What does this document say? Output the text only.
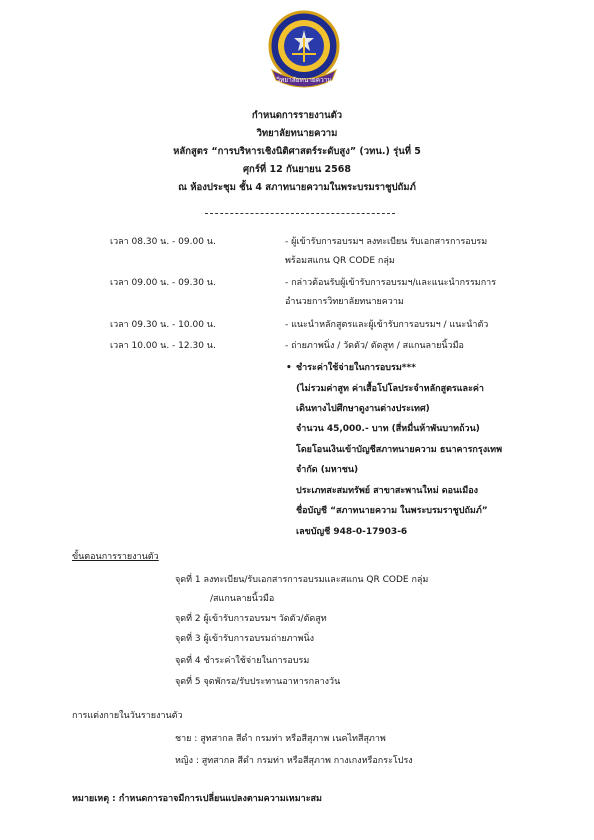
วิทยาลัยทนายความ
กำหนดการรายงานตัว
วิทยาลัยทนายความ
หลักสูตร “การบริหารเชิงนิติศาสตร์ระดับสูง” (วทน.) รุ่นที่ 5
ศุกร์ที่ 12 กันยายน 2568
ณ ห้องประชุม ชั้น 4 สภาทนายความในพระบรมราชูปถัมภ์
เวลา 08.30 น. - 09.00 น.	- ผู้เข้ารับการอบรมฯ ลงทะเบียน รับเอกสารการอบรม
พร้อมสแกน QR CODE กลุ่ม
เวลา 09.00 น. - 09.30 น.	- กล่าวต้อนรับผู้เข้ารับการอบรมฯ/และแนะนำกรรมการ
อำนวยการวิทยาลัยทนายความ
เวลา 09.30 น. - 10.00 น.	- แนะนำหลักสูตรและผู้เข้ารับการอบรมฯ / แนะนำตัว
เวลา 10.00 น. - 12.30 น.	- ถ่ายภาพนิ่ง / วัดตัว/ ตัดสูท / สแกนลายนิ้วมือ
• ชำระค่าใช้จ่ายในการอบรม***
(ไม่รวมค่าสูท ค่าเสื้อโปโลประจำหลักสูตรและค่า
เดินทางไปศึกษาดูงานต่างประเทศ)
จำนวน 45,000.- บาท (สี่หมื่นห้าพันบาทถ้วน)
โดยโอนเงินเข้าบัญชีสภาทนายความ ธนาคารกรุงเทพ
จำกัด (มหาชน)
ประเภทสะสมทรัพย์ สาขาสะพานใหม่ ดอนเมือง
ชื่อบัญชี “สภาทนายความ ในพระบรมราชูปถัมภ์”
เลขบัญชี 948-0-17903-6
ขั้นตอนการรายงานตัว
จุดที่ 1 ลงทะเบียน/รับเอกสารการอบรมและสแกน QR CODE กลุ่ม
/สแกนลายนิ้วมือ
จุดที่ 2 ผู้เข้ารับการอบรมฯ วัดตัว/ตัดสูท
จุดที่ 3 ผู้เข้ารับการอบรมถ่ายภาพนิ่ง
จุดที่ 4 ชำระค่าใช้จ่ายในการอบรม
จุดที่ 5 จุดพักรอ/รับประทานอาหารกลางวัน
การแต่งกายในวันรายงานตัว
ชาย : สูทสากล สีดำ กรมท่า หรือสีสุภาพ เนคไทสีสุภาพ
หญิง : สูทสากล สีดำ กรมท่า หรือสีสุภาพ กางเกงหรือกระโปรง
หมายเหตุ : กำหนดการอาจมีการเปลี่ยนแปลงตามความเหมาะสม
